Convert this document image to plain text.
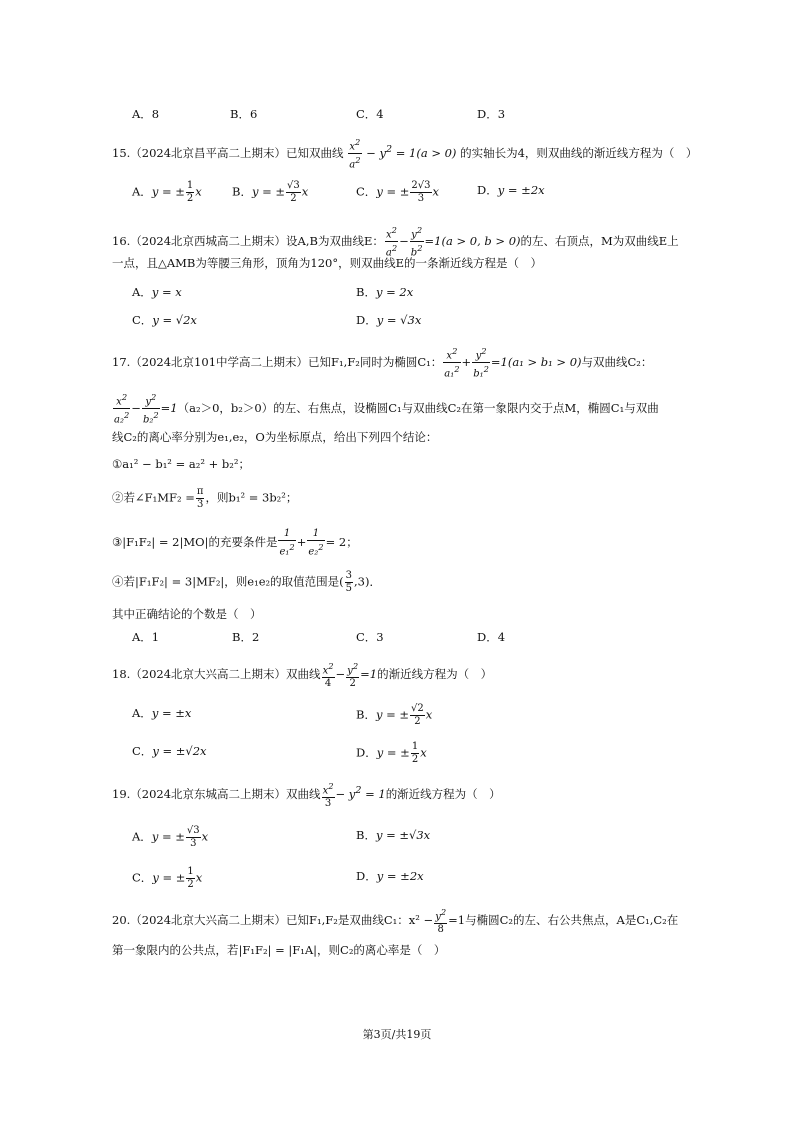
A．8	B．6	C．4	D．3
15.（2024北京昌平高二上期末）已知双曲线 $\frac{x^2}{a^2} - y^2 = 1(a > 0)$ 的实轴长为4，则双曲线的渐近线方程为（　）
A．y = ± $\frac{1}{2}$ x	B．y = ± $\frac{√3}{2}$ x	C．y = ± $\frac{2√3}{3}$ x	D．y = ±2x
16.（2024北京西城高二上期末）设A,B为双曲线E： $\frac{x^2}{a^2} - \frac{y^2}{b^2} =1(a > 0$, b > 0)的左、右顶点，M为双曲线E上
一点，且△AMB为等腰三角形，顶角为120°，则双曲线E的一条渐近线方程是（　）
A．y = x	B．y = 2x
C．y = √2x	D．y = √3x
17.（2024北京101中学高二上期末）已知F₁,F₂同时为椭圆C₁： $\frac{x^2}{a_1^2} + \frac{y^2}{b_1^2} =1(a_1 > b_1 > 0)$与双曲线C₂：
$\frac{x^2}{a_2^2} - \frac{y^2}{b_2^2} =1(a_2>0$，b₂＞0）的左、右焦点，设椭圆C₁与双曲线C₂在第一象限内交于点M，椭圆C₁与双曲
线C₂的离心率分别为e₁,e₂，O为坐标原点，给出下列四个结论：
①a₁² − b₁² = a₂² + b₂²；
②若∠F₁MF₂ = $\frac{\pi}{3}$ ，则b₁² = 3b₂²；
③|F₁F₂| = 2|MO|的充要条件是 $\frac{1}{e_1^2} + \frac{1}{e_2^2} = 2$；
④若|F₁F₂| = 3|MF₂|，则e₁e₂的取值范围是( $\frac{3}{5} ,3$)．
其中正确结论的个数是（　）
A．1	B．2	C．3	D．4
18.（2024北京大兴高二上期末）双曲线 $\frac{x^2}{4} - \frac{y^2}{2} =1$的渐近线方程为（　）
A．y = ±x	B．y = ± $\frac{√2}{2}$ x
C．y = ±√2x	D．y = ± $\frac{1}{2}$ x
19.（2024北京东城高二上期末）双曲线 $\frac{x^2}{3} - y^2 = 1$的渐近线方程为（　）
A．y = ± $\frac{√3}{3}$ x	B．y = ±√3x
C．y = ± $\frac{1}{2}$ x	D．y = ±2x
20.（2024北京大兴高二上期末）已知F₁,F₂是双曲线C₁：$x^2 - \frac{y^2}{8} =1$与椭圆C₂的左、右公共焦点，A是C₁,C₂在
第一象限内的公共点，若|F₁F₂| = |F₁A|，则C₂的离心率是（　）
第3页/共19页
